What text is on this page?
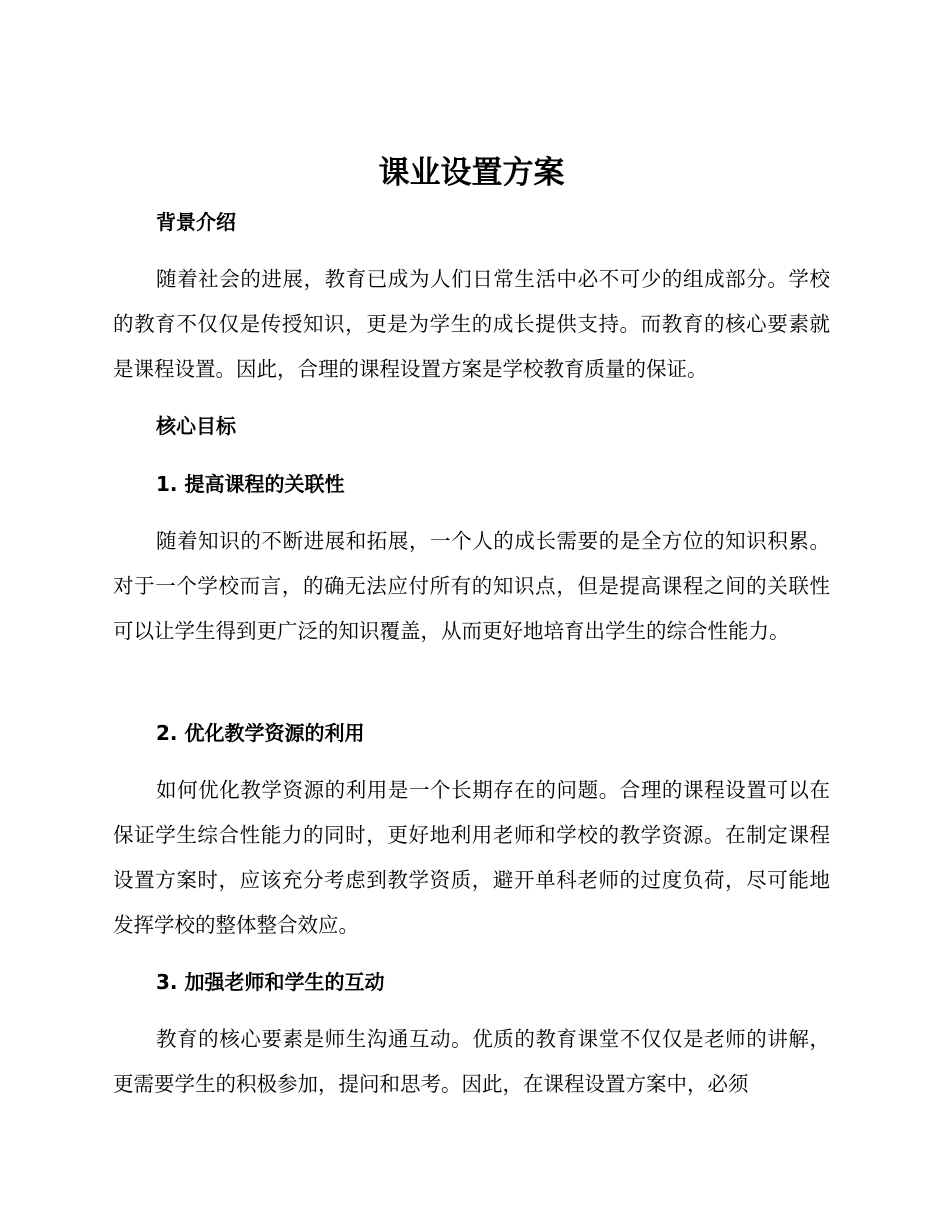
课业设置方案
背景介绍

随着社会的进展，教育已成为人们日常生活中必不可少的组成部分。学校的教育不仅仅是传授知识，更是为学生的成长提供支持。而教育的核心要素就是课程设置。因此，合理的课程设置方案是学校教育质量的保证。

核心目标
1. 提高课程的关联性

随着知识的不断进展和拓展，一个人的成长需要的是全方位的知识积累。对于一个学校而言，的确无法应付所有的知识点，但是提高课程之间的关联性可以让学生得到更广泛的知识覆盖，从而更好地培育出学生的综合性能力。

2. 优化教学资源的利用

如何优化教学资源的利用是一个长期存在的问题。合理的课程设置可以在保证学生综合性能力的同时，更好地利用老师和学校的教学资源。在制定课程设置方案时，应该充分考虑到教学资质，避开单科老师的过度负荷，尽可能地发挥学校的整体整合效应。

3. 加强老师和学生的互动

教育的核心要素是师生沟通互动。优质的教育课堂不仅仅是老师的讲解，更需要学生的积极参加，提问和思考。因此，在课程设置方案中，必须
